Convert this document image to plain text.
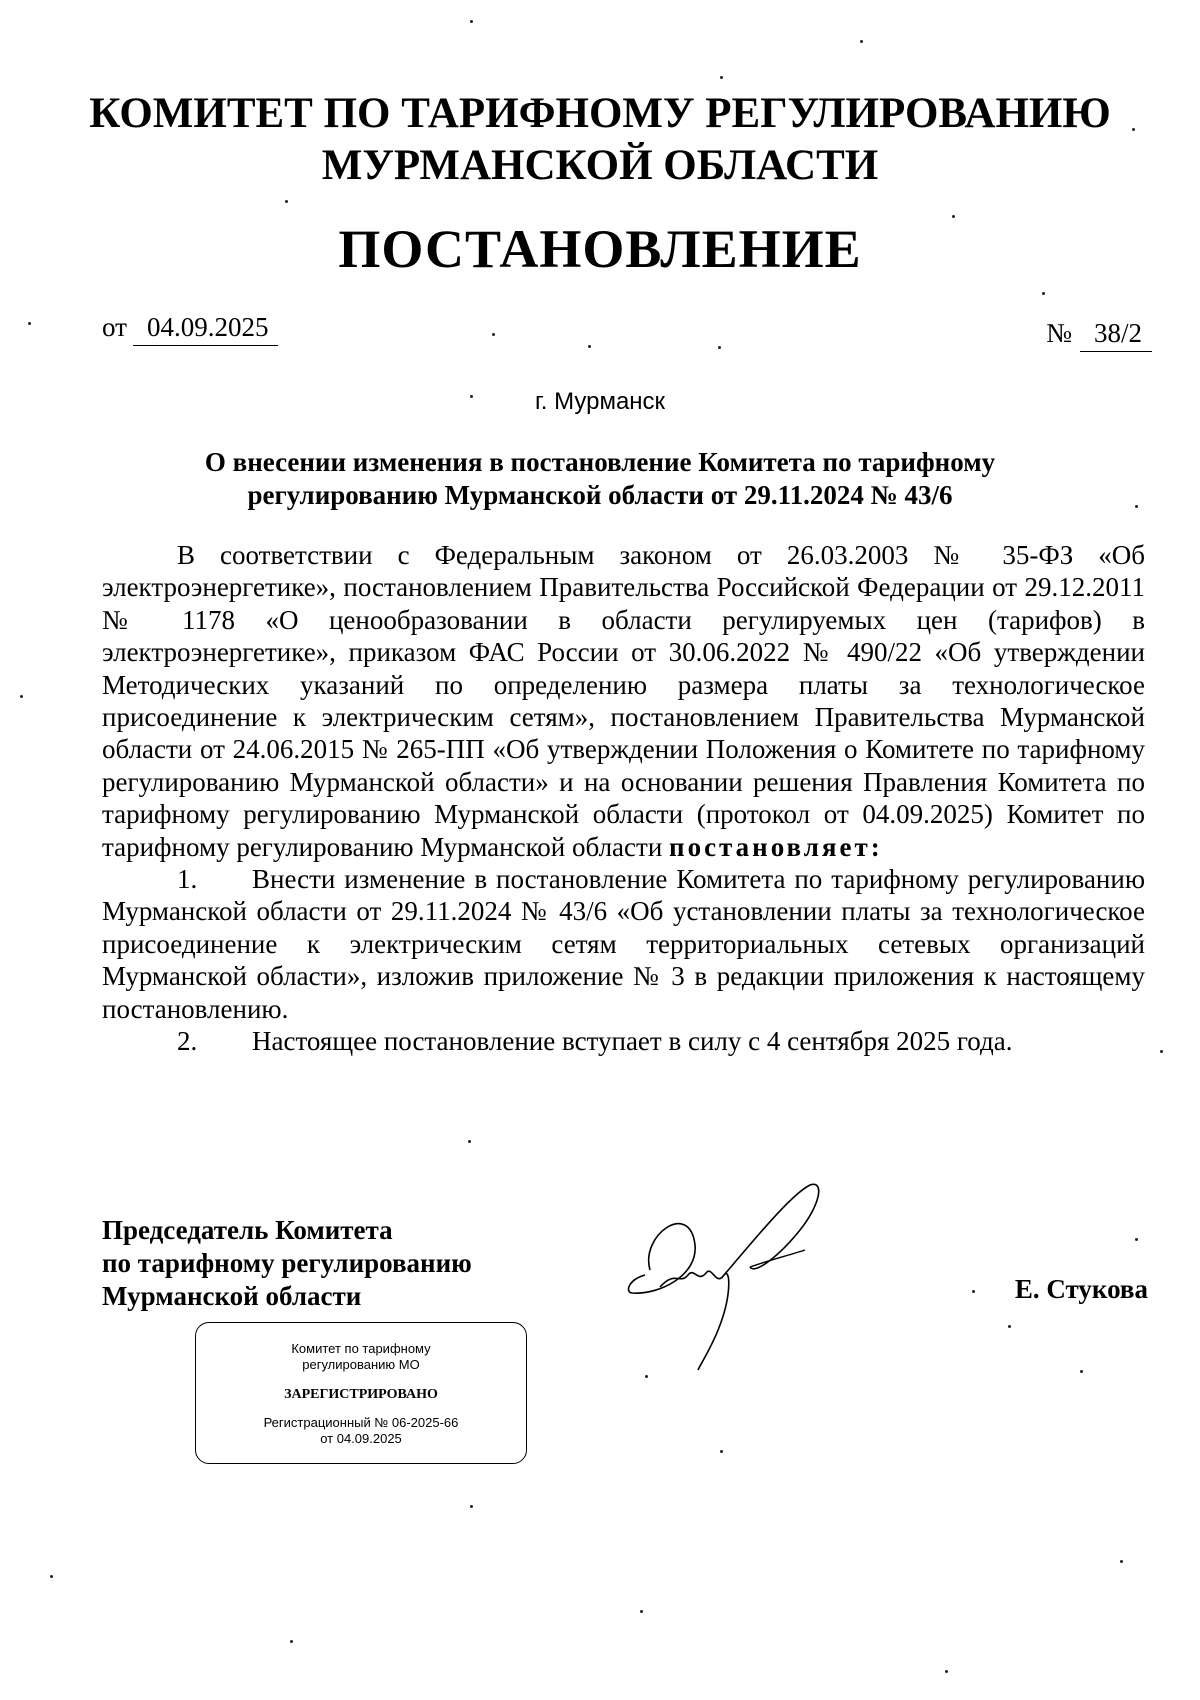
КОМИТЕТ ПО ТАРИФНОМУ РЕГУЛИРОВАНИЮ
МУРМАНСКОЙ ОБЛАСТИ
ПОСТАНОВЛЕНИЕ
от 04.09.2025	№ 38/2
г. Мурманск
О внесении изменения в постановление Комитета по тарифному
регулированию Мурманской области от 29.11.2024 № 43/6

В соответствии с Федеральным законом от 26.03.2003 № 35-ФЗ «Об электроэнергетике», постановлением Правительства Российской Федерации от 29.12.2011 № 1178 «О ценообразовании в области регулируемых цен (тарифов) в электроэнергетике», приказом ФАС России от 30.06.2022 № 490/22 «Об утверждении Методических указаний по определению размера платы за технологическое присоединение к электрическим сетям», постановлением Правительства Мурманской области от 24.06.2015 № 265-ПП «Об утверждении Положения о Комитете по тарифному регулированию Мурманской области» и на основании решения Правления Комитета по тарифному регулированию Мурманской области (протокол от 04.09.2025) Комитет по тарифному регулированию Мурманской области постановляет:

1. Внести изменение в постановление Комитета по тарифному регулированию Мурманской области от 29.11.2024 № 43/6 «Об установлении платы за технологическое присоединение к электрическим сетям территориальных сетевых организаций Мурманской области», изложив приложение № 3 в редакции приложения к настоящему постановлению.

2. Настоящее постановление вступает в силу с 4 сентября 2025 года.

Председатель Комитета
по тарифному регулированию
Мурманской области	Е. Стукова
Комитет по тарифному
регулированию МО
ЗАРЕГИСТРИРОВАНО
Регистрационный № 06-2025-66
от 04.09.2025
